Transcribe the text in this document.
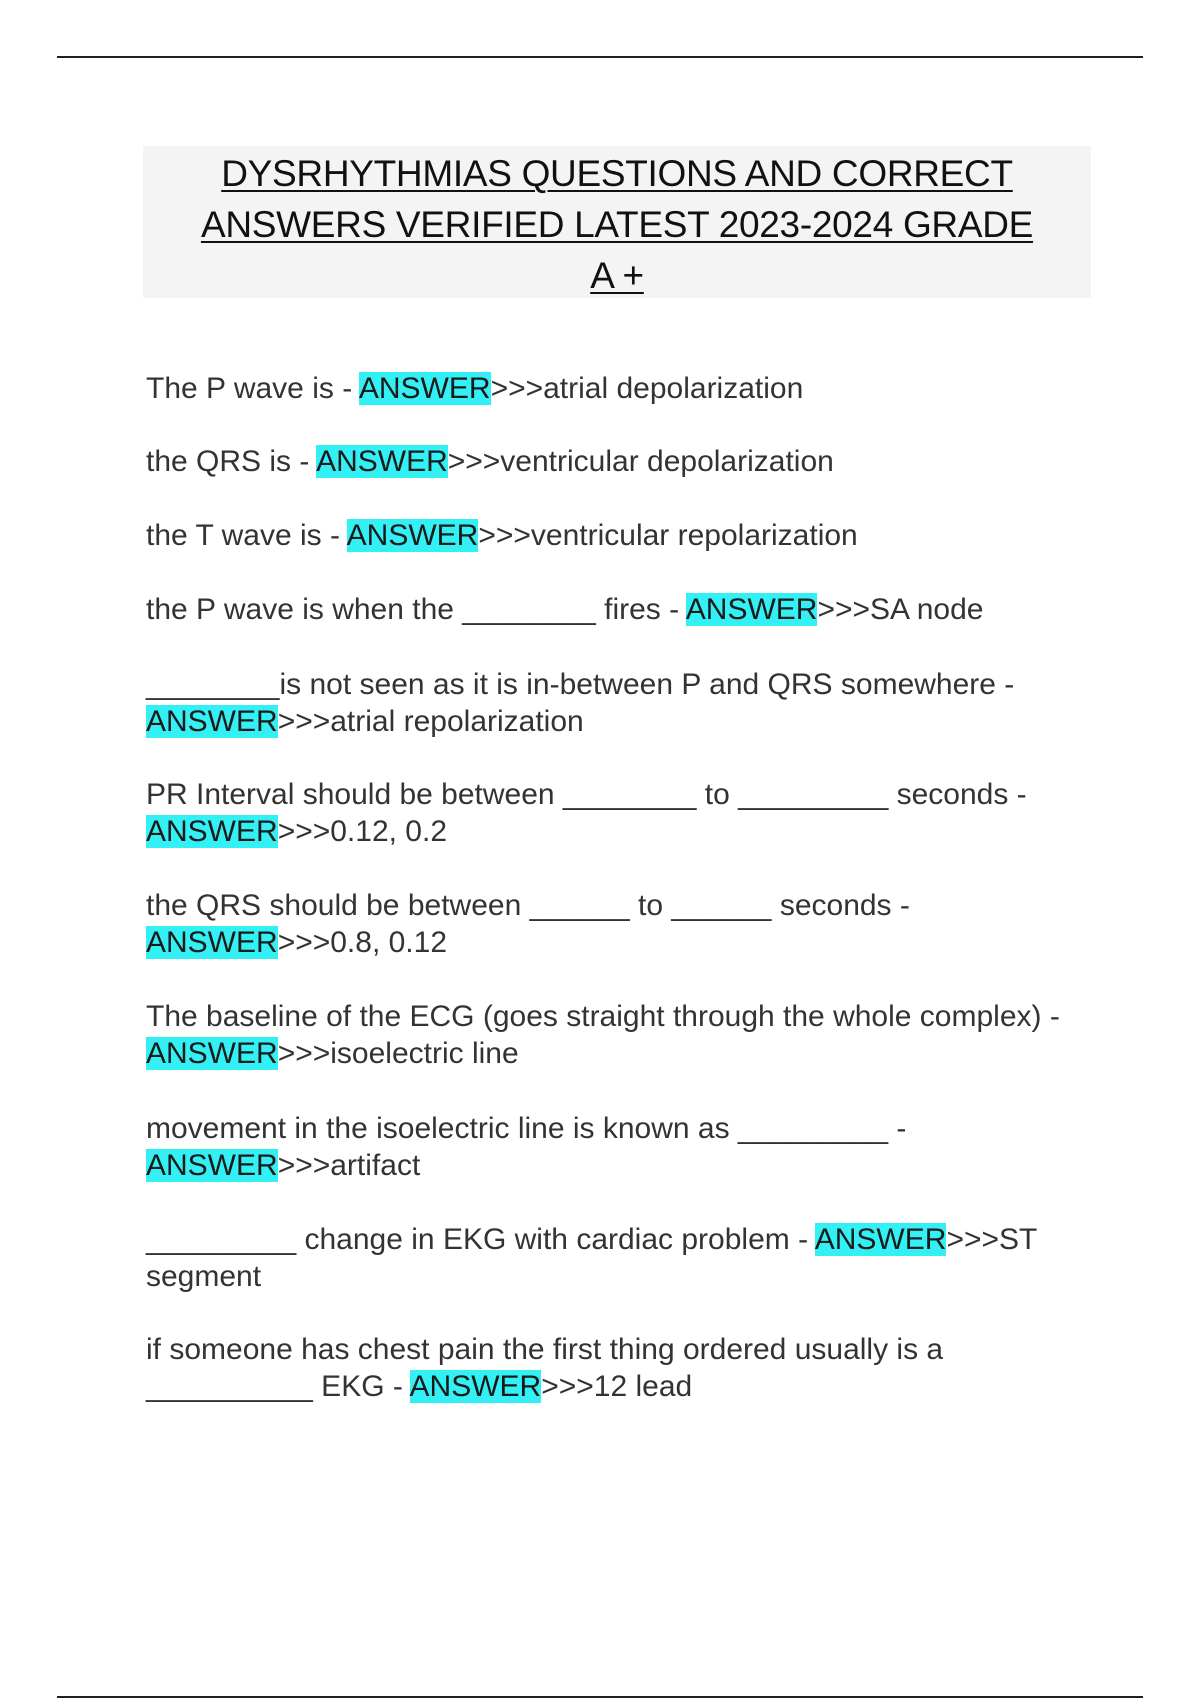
DYSRHYTHMIAS QUESTIONS AND CORRECT
ANSWERS VERIFIED LATEST 2023-2024 GRADE
A +
The P wave is - ANSWER>>>atrial depolarization
the QRS is - ANSWER>>>ventricular depolarization
the T wave is - ANSWER>>>ventricular repolarization
the P wave is when the ________ fires - ANSWER>>>SA node
________is not seen as it is in-between P and QRS somewhere - ANSWER>>>atrial repolarization
PR Interval should be between ________ to _________ seconds - ANSWER>>>0.12, 0.2
the QRS should be between ______ to ______ seconds - ANSWER>>>0.8, 0.12
The baseline of the ECG (goes straight through the whole complex) - ANSWER>>>isoelectric line
movement in the isoelectric line is known as _________ - ANSWER>>>artifact
_________ change in EKG with cardiac problem - ANSWER>>>ST segment
if someone has chest pain the first thing ordered usually is a __________ EKG - ANSWER>>>12 lead
